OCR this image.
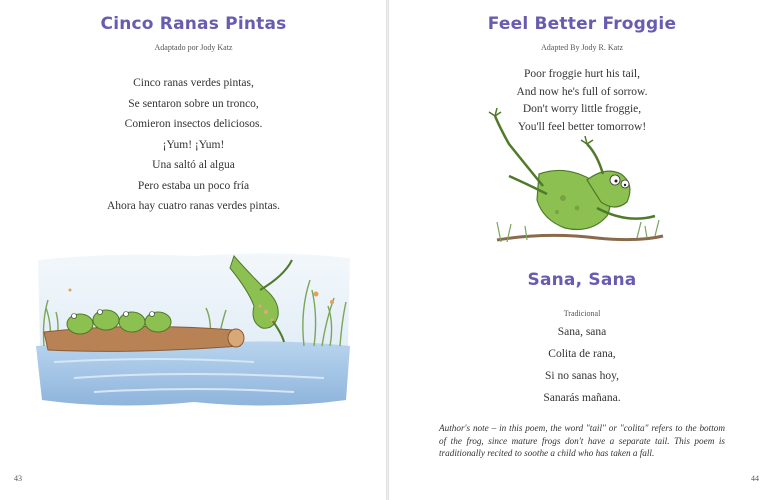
Cinco Ranas Pintas
Adaptado por Jody Katz
Cinco ranas verdes pintas,
Se sentaron sobre un tronco,
Comieron insectos deliciosos.
¡Yum! ¡Yum!
Una saltó al algua
Pero estaba un poco fría
Ahora hay cuatro ranas verdes pintas.
43
Feel Better Froggie
Adapted By Jody R. Katz
Poor froggie hurt his tail,
And now he's full of sorrow.
Don't worry little froggie,
You'll feel better tomorrow!
Sana, Sana
Tradicional
Sana, sana
Colita de rana,
Si no sanas hoy,
Sanarás mañana.
Author's note – in this poem, the word "tail" or "colita" refers to the bottom of the frog, since mature frogs don't have a separate tail. This poem is traditionally recited to soothe a child who has taken a fall.
44
